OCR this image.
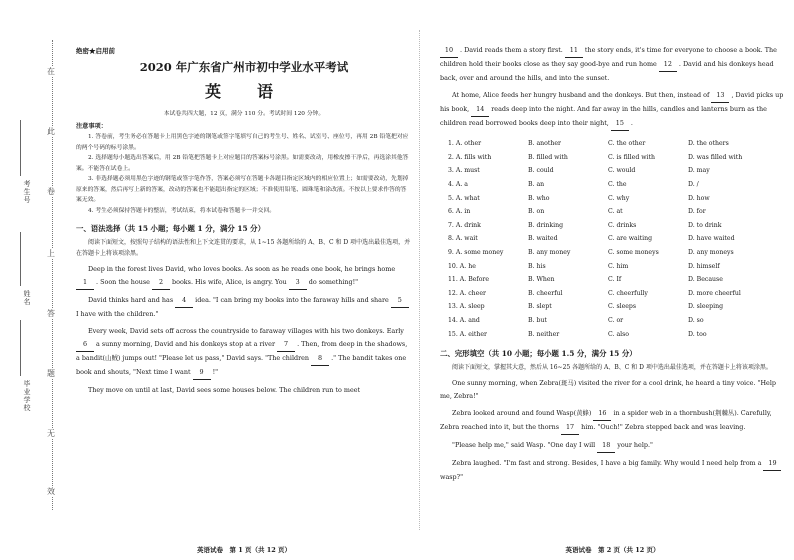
在
此
卷
上
答
题
无
效
考生号
姓名
毕业学校
绝密★启用前
2020 年广东省广州市初中学业水平考试
英　语
本试卷共四大题，12 页，满分 110 分。考试时间 120 分钟。
注意事项：

1. 答卷前，考生务必在答题卡上用黑色字迹的钢笔或签字笔填写自己的考生号、姓名、试室号、座位号，再用 2B 铅笔把对应的两个号码的标号涂黑。

2. 选择题每小题选出答案后，用 2B 铅笔把答题卡上对应题目的答案标号涂黑。如需要改动，用橡皮擦干净后，再选涂其他答案。不能答在试卷上。

3. 非选择题必须用黑色字迹的钢笔或签字笔作答，答案必须写在答题卡各题目指定区域内的相应位置上；如需要改动，先划掉原来的答案，然后再写上新的答案，改动的答案也不能超出指定的区域；不准使用铅笔、圆珠笔和涂改液。不按以上要求作答的答案无效。

4. 考生必须保持答题卡的整洁，考试结束，将本试卷和答题卡一并交回。

一、语法选择（共 15 小题；每小题 1 分，满分 15 分）

阅读下面短文，按照句子结构的语法性和上下文连贯的要求，从 1~15 各题所给的 A、B、C 和 D 项中选出最佳选项，并在答题卡上将该项涂黑。

Deep in the forest lives David, who loves books. As soon as he reads one book, he brings home 1 . Soon the house 2 books. His wife, Alice, is angry. You 3 do something!"

David thinks hard and has 4 idea. "I can bring my books into the faraway hills and share 5 I have with the children."

Every week, David sets off across the countryside to faraway villages with his two donkeys. Early 6 a sunny morning, David and his donkeys stop at a river 7 . Then, from deep in the shadows, a bandit(山贼) jumps out! "Please let us pass," David says. "The children 8 ." The bandit takes one book and shouts, "Next time I want 9 !"

They move on until at last, David sees some houses below. The children run to meet

英语试卷　第 1 页（共 12 页）

10 . David reads them a story first. 11 the story ends, it's time for everyone to choose a book. The children hold their books close as they say good-bye and run home 12 . David and his donkeys head back, over and around the hills, and into the sunset.

At home, Alice feeds her hungry husband and the donkeys. But then, instead of 13 , David picks up his book, 14 reads deep into the night. And far away in the hills, candles and lanterns burn as the children read borrowed books deep into their night, 15 .

1. A. other	B. another	C. the other	D. the others
2. A. fills with	B. filled with	C. is filled with	D. was filled with
3. A. must	B. could	C. would	D. may
4. A. a	B. an	C. the	D. /
5. A. what	B. who	C. why	D. how
6. A. in	B. on	C. at	D. for
7. A. drink	B. drinking	C. drinks	D. to drink
8. A. wait	B. waited	C. are waiting	D. have waited
9. A. some money	B. any money	C. some moneys	D. any moneys
10. A. he	B. his	C. him	D. himself
11. A. Before	B. When	C. If	D. Because
12. A. cheer	B. cheerful	C. cheerfully	D. more cheerful
13. A. sleep	B. slept	C. sleeps	D. sleeping
14. A. and	B. but	C. or	D. so
15. A. either	B. neither	C. also	D. too
二、完形填空（共 10 小题；每小题 1.5 分，满分 15 分）

阅读下面短文，掌握其大意，然后从 16~25 各题所给的 A、B、C 和 D 项中选出最佳选项，并在答题卡上将该项涂黑。

One sunny morning, when Zebra(斑马) visited the river for a cool drink, he heard a tiny voice. "Help me, Zebra!"

Zebra looked around and found Wasp(黄蜂) 16 in a spider web in a thornbush(荆棘丛). Carefully, Zebra reached into it, but the thorns 17 him. "Ouch!" Zebra stepped back and was leaving.

"Please help me," said Wasp. "One day I will 18 your help."

Zebra laughed. "I'm fast and strong. Besides, I have a big family. Why would I need help from a 19 wasp?"

英语试卷　第 2 页（共 12 页）
